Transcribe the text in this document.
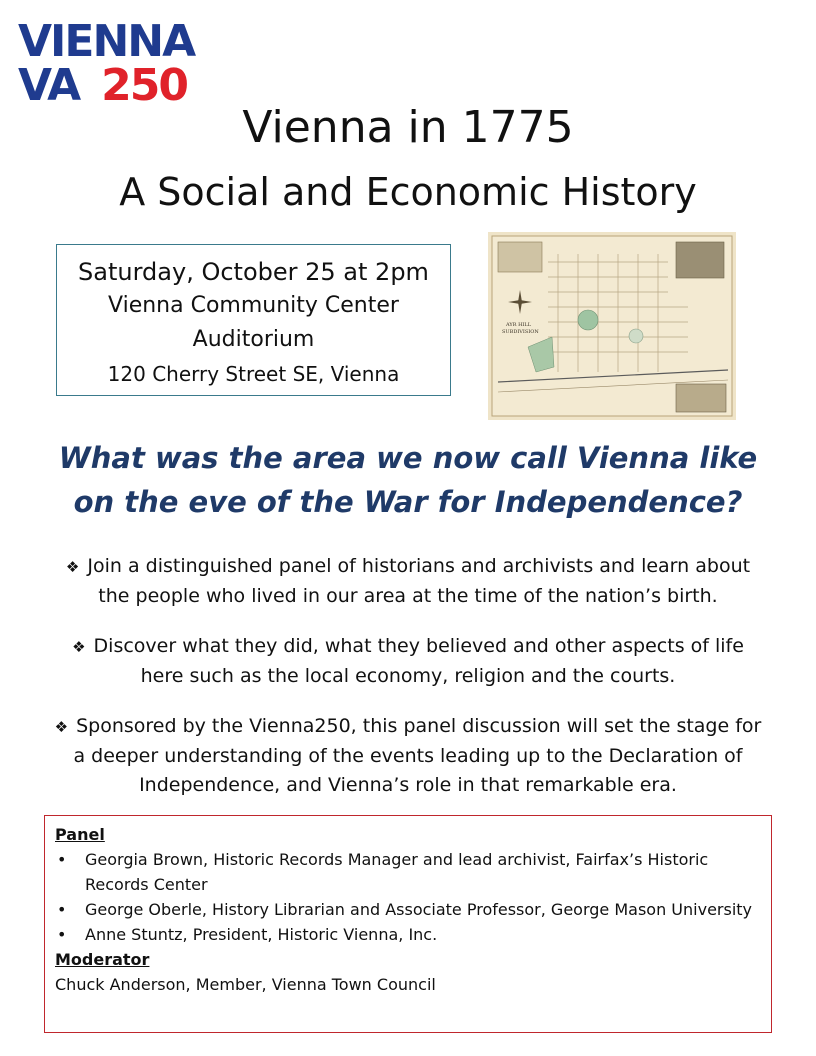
VIENNA
VA 250
Vienna in 1775
A Social and Economic History
Saturday, October 25 at 2pm
Vienna Community Center
Auditorium
120 Cherry Street SE, Vienna
AYR HILL
SUBDIVISION
What was the area we now call Vienna like
on the eve of the War for Independence?
❖ Join a distinguished panel of historians and archivists and learn about
the people who lived in our area at the time of the nation’s birth.
❖ Discover what they did, what they believed and other aspects of life
here such as the local economy, religion and the courts.
❖ Sponsored by the Vienna250, this panel discussion will set the stage for
a deeper understanding of the events leading up to the Declaration of
Independence, and Vienna’s role in that remarkable era.
Panel
• Georgia Brown, Historic Records Manager and lead archivist, Fairfax’s Historic Records Center
• George Oberle, History Librarian and Associate Professor, George Mason University
• Anne Stuntz, President, Historic Vienna, Inc.
Moderator
Chuck Anderson, Member, Vienna Town Council
